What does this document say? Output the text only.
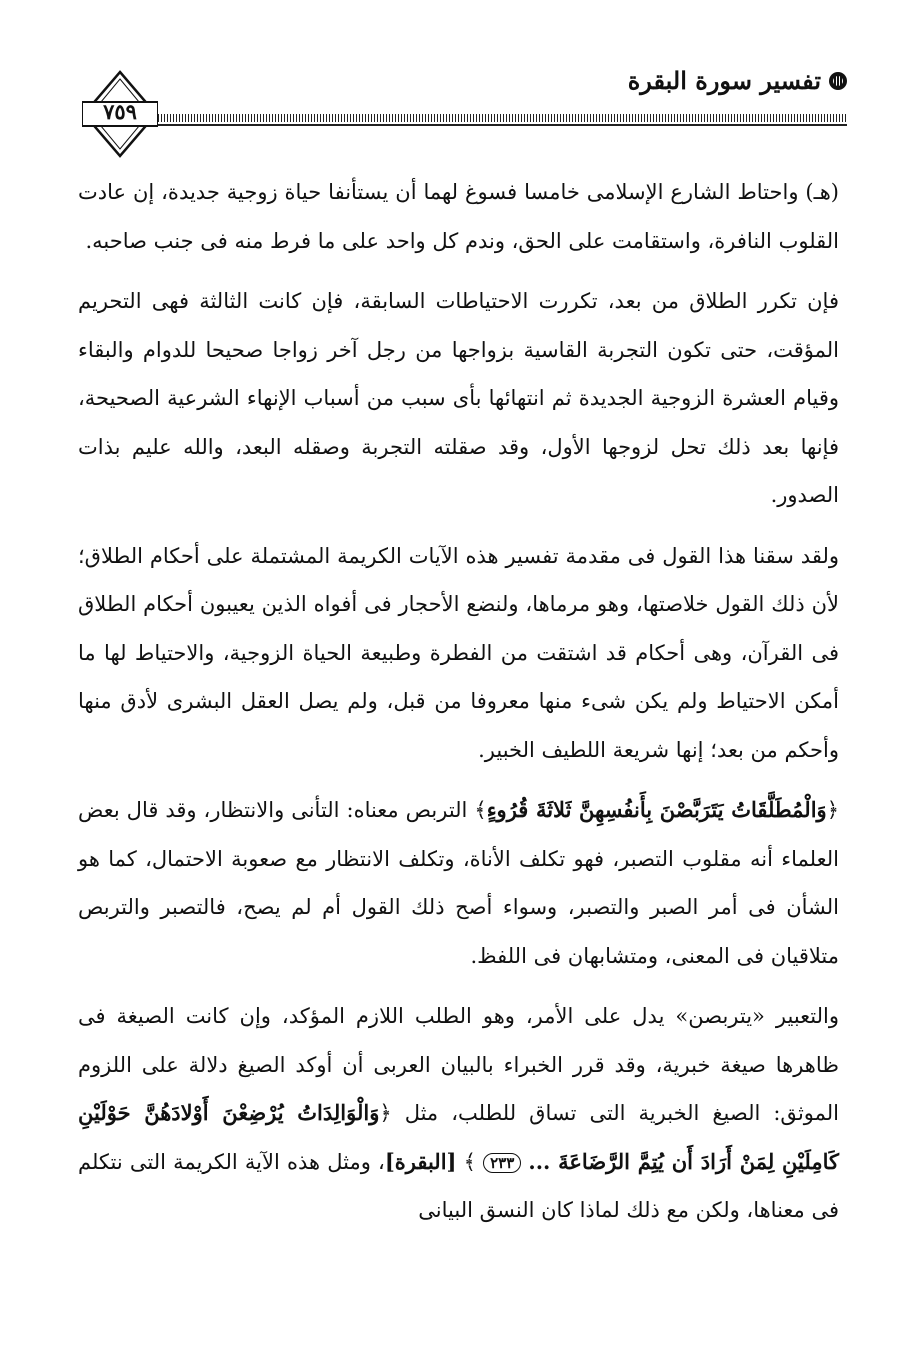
تفسير سورة البقرة
٧٥٩

(هـ) واحتاط الشارع الإسلامى خامسا فسوغ لهما أن يستأنفا حياة زوجية جديدة، إن عادت القلوب النافرة، واستقامت على الحق، وندم كل واحد على ما فرط منه فى جنب صاحبه.

فإن تكرر الطلاق من بعد، تكررت الاحتياطات السابقة، فإن كانت الثالثة فهى التحريم المؤقت، حتى تكون التجربة القاسية بزواجها من رجل آخر زواجا صحيحا للدوام والبقاء وقيام العشرة الزوجية الجديدة ثم انتهائها بأى سبب من أسباب الإنهاء الشرعية الصحيحة، فإنها بعد ذلك تحل لزوجها الأول، وقد صقلته التجربة وصقله البعد، والله عليم بذات الصدور.

ولقد سقنا هذا القول فى مقدمة تفسير هذه الآيات الكريمة المشتملة على أحكام الطلاق؛ لأن ذلك القول خلاصتها، وهو مرماها، ولنضع الأحجار فى أفواه الذين يعيبون أحكام الطلاق فى القرآن، وهى أحكام قد اشتقت من الفطرة وطبيعة الحياة الزوجية، والاحتياط لها ما أمكن الاحتياط ولم يكن شىء منها معروفا من قبل، ولم يصل العقل البشرى لأدق منها وأحكم من بعد؛ إنها شريعة اللطيف الخبير.

﴿وَالْمُطَلَّقَاتُ يَتَرَبَّصْنَ بِأَنفُسِهِنَّ ثَلاثَةَ قُرُوءٍ﴾ التربص معناه: التأنى والانتظار، وقد قال بعض العلماء أنه مقلوب التصبر، فهو تكلف الأناة، وتكلف الانتظار مع صعوبة الاحتمال، كما هو الشأن فى أمر الصبر والتصبر، وسواء أصح ذلك القول أم لم يصح، فالتصبر والتربص متلاقيان فى المعنى، ومتشابهان فى اللفظ.

والتعبير «يتربصن» يدل على الأمر، وهو الطلب اللازم المؤكد، وإن كانت الصيغة فى ظاهرها صيغة خبرية، وقد قرر الخبراء بالبيان العربى أن أوكد الصيغ دلالة على اللزوم الموثق: الصيغ الخبرية التى تساق للطلب، مثل ﴿وَالْوَالِدَاتُ يُرْضِعْنَ أَوْلادَهُنَّ حَوْلَيْنِ كَامِلَيْنِ لِمَنْ أَرَادَ أَن يُتِمَّ الرَّضَاعَةَ ... ٢٣٣ ﴾ [البقرة]، ومثل هذه الآية الكريمة التى نتكلم فى معناها، ولكن مع ذلك لماذا كان النسق البيانى
